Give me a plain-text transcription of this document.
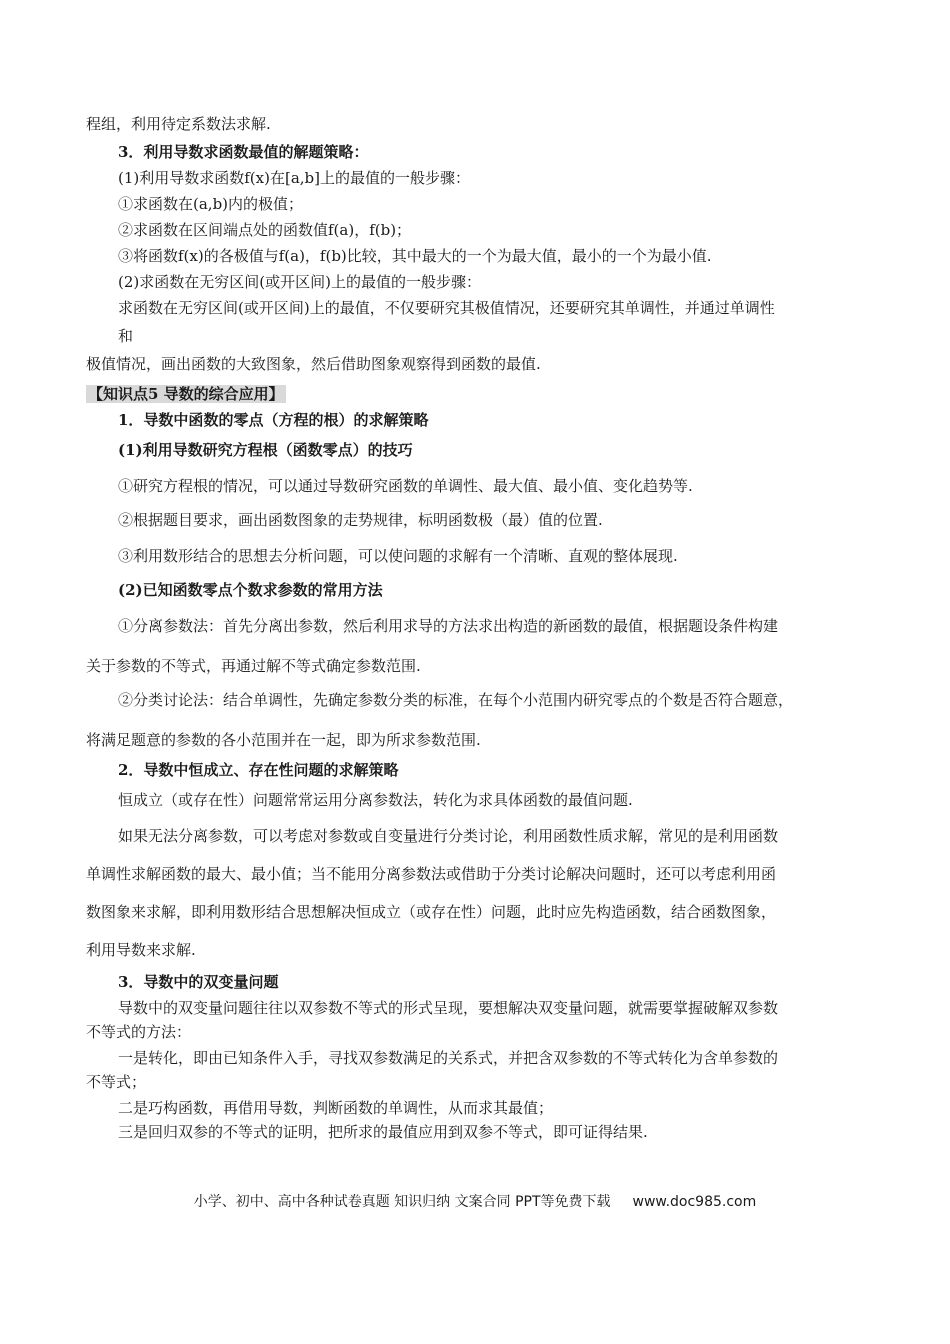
程组，利用待定系数法求解.
3．利用导数求函数最值的解题策略：
(1)利用导数求函数f(x)在[a,b]上的最值的一般步骤：
①求函数在(a,b)内的极值；
②求函数在区间端点处的函数值f(a)，f(b)；
③将函数f(x)的各极值与f(a)，f(b)比较，其中最大的一个为最大值，最小的一个为最小值.
(2)求函数在无穷区间(或开区间)上的最值的一般步骤：
求函数在无穷区间(或开区间)上的最值，不仅要研究其极值情况，还要研究其单调性，并通过单调性
和
极值情况，画出函数的大致图象，然后借助图象观察得到函数的最值.
【知识点5 导数的综合应用】
1．导数中函数的零点（方程的根）的求解策略
(1)利用导数研究方程根（函数零点）的技巧
①研究方程根的情况，可以通过导数研究函数的单调性、最大值、最小值、变化趋势等.
②根据题目要求，画出函数图象的走势规律，标明函数极（最）值的位置.
③利用数形结合的思想去分析问题，可以使问题的求解有一个清晰、直观的整体展现.
(2)已知函数零点个数求参数的常用方法
①分离参数法：首先分离出参数，然后利用求导的方法求出构造的新函数的最值，根据题设条件构建
关于参数的不等式，再通过解不等式确定参数范围.
②分类讨论法：结合单调性，先确定参数分类的标准，在每个小范围内研究零点的个数是否符合题意，
将满足题意的参数的各小范围并在一起，即为所求参数范围.
2．导数中恒成立、存在性问题的求解策略
恒成立（或存在性）问题常常运用分离参数法，转化为求具体函数的最值问题.
如果无法分离参数，可以考虑对参数或自变量进行分类讨论，利用函数性质求解，常见的是利用函数
单调性求解函数的最大、最小值；当不能用分离参数法或借助于分类讨论解决问题时，还可以考虑利用函
数图象来求解，即利用数形结合思想解决恒成立（或存在性）问题，此时应先构造函数，结合函数图象，
利用导数来求解.
3．导数中的双变量问题
导数中的双变量问题往往以双参数不等式的形式呈现，要想解决双变量问题，就需要掌握破解双参数
不等式的方法：
一是转化，即由已知条件入手，寻找双参数满足的关系式，并把含双参数的不等式转化为含单参数的
不等式；
二是巧构函数，再借用导数，判断函数的单调性，从而求其最值；
三是回归双参的不等式的证明，把所求的最值应用到双参不等式，即可证得结果.
小学、初中、高中各种试卷真题 知识归纳 文案合同 PPT等免费下载 www.doc985.com
